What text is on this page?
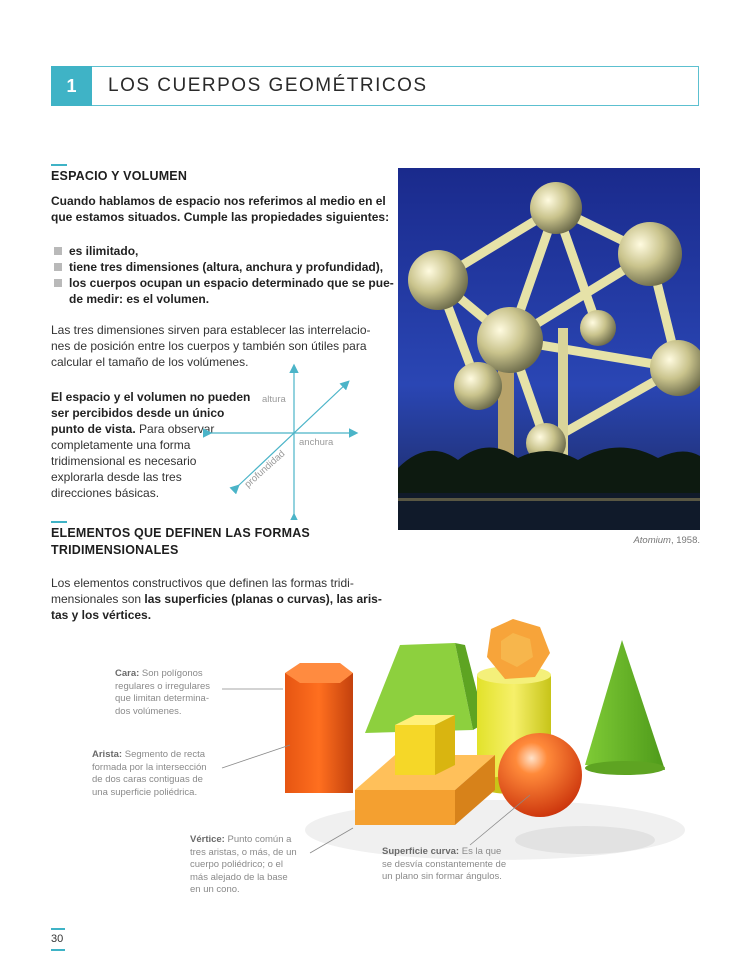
1	LOS CUERPOS GEOMÉTRICOS
ESPACIO Y VOLUMEN
Cuando hablamos de espacio nos referimos al medio en el
que estamos situados. Cumple las propiedades siguientes:
es ilimitado,
tiene tres dimensiones (altura, anchura y profundidad),
los cuerpos ocupan un espacio determinado que se pue-
de medir: es el volumen.
Las tres dimensiones sirven para establecer las interrelacio-
nes de posición entre los cuerpos y también son útiles para
calcular el tamaño de los volúmenes.
El espacio y el volumen no pueden
ser percibidos desde un único
punto de vista. Para observar
completamente una forma
tridimensional es necesario
explorarla desde las tres
direcciones básicas.
altura
anchura
profundidad
Atomium, 1958.
ELEMENTOS QUE DEFINEN LAS FORMAS
TRIDIMENSIONALES
Los elementos constructivos que definen las formas tridi-
mensionales son las superficies (planas o curvas), las aris-
tas y los vértices.
Cara: Son polígonos
regulares o irregulares
que limitan determina-
dos volúmenes.
Arista: Segmento de recta
formada por la intersección
de dos caras contiguas de
una superficie poliédrica.
Vértice: Punto común a
tres aristas, o más, de un
cuerpo poliédrico; o el
más alejado de la base
en un cono.
Superficie curva: Es la que
se desvía constantemente de
un plano sin formar ángulos.
30
